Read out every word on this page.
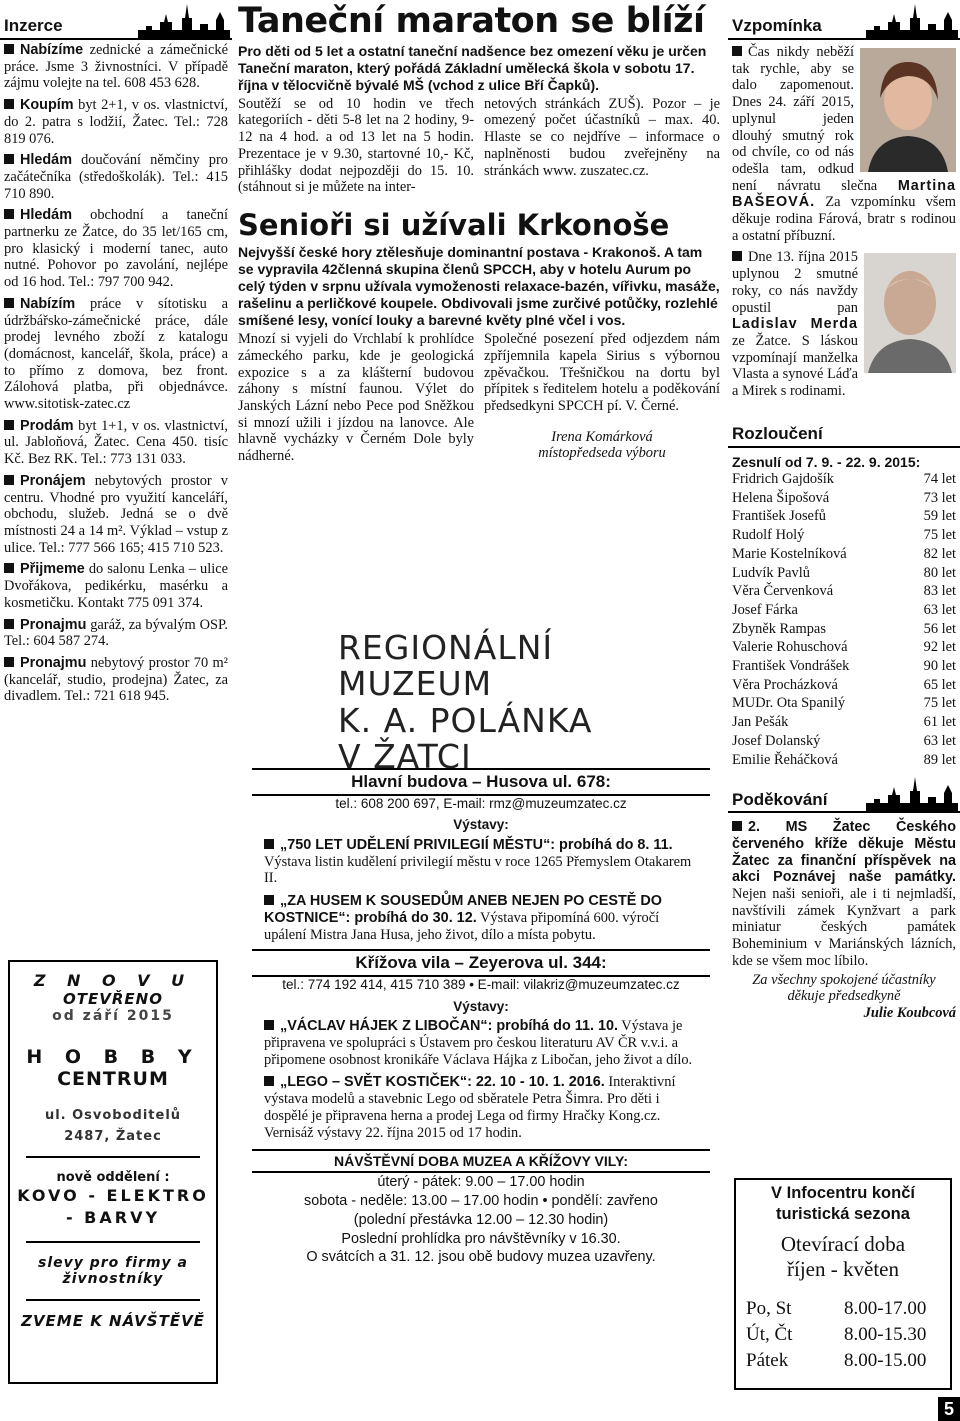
Inzerce
Nabízíme zednické a zámečnické práce. Jsme 3 živnostníci. V případě zájmu volejte na tel. 608 453 628.
Koupím byt 2+1, v os. vlastnictví, do 2. patra s lodžií, Žatec. Tel.: 728 819 076.
Hledám doučování němčiny pro začátečníka (středoškolák). Tel.: 415 710 890.
Hledám obchodní a taneční partnerku ze Žatce, do 35 let/165 cm, pro klasický i moderní tanec, auto nutné. Pohovor po zavolání, nejlépe od 16 hod. Tel.: 797 700 942.
Nabízím práce v sítotisku a údržbářsko-zámečnické práce, dále prodej levného zboží z katalogu (domácnost, kancelář, škola, práce) a to přímo z domova, bez front. Zálohová platba, při objednávce. www.sitotisk-zatec.cz
Prodám byt 1+1, v os. vlastnictví, ul. Jabloňová, Žatec. Cena 450. tisíc Kč. Bez RK. Tel.: 773 131 033.
Pronájem nebytových prostor v centru. Vhodné pro využití kanceláří, obchodu, služeb. Jedná se o dvě místnosti 24 a 14 m². Výklad – vstup z ulice. Tel.: 777 566 165; 415 710 523.
Přijmeme do salonu Lenka – ulice Dvořákova, pedikérku, masérku a kosmetičku. Kontakt 775 091 374.
Pronajmu garáž, za bývalým OSP. Tel.: 604 587 274.
Pronajmu nebytový prostor 70 m² (kancelář, studio, prodejna) Žatec, za divadlem. Tel.: 721 618 945.
Z N O V U
OTEVŘENO
od září 2015
H O B B Y
CENTRUM
ul. Osvoboditelů
2487, Žatec
nově oddělení :
KOVO - ELEKTRO - BARVY
slevy pro firmy a živnostníky
ZVEME K NÁVŠTĚVĚ
Taneční maraton se blíží
Pro děti od 5 let a ostatní taneční nadšence bez omezení věku je určen Taneční maraton, který pořádá Základní umělecká škola v sobotu 17. října v tělocvičně bývalé MŠ (vchod z ulice Bří Čapků).
Soutěží se od 10 hodin ve třech kategoriích - děti 5-8 let na 2 hodiny, 9-12 na 4 hod. a od 13 let na 5 hodin. Prezentace je v 9.30, startovné 10,- Kč, přihlášky dodat nejpozději do 15. 10. (stáhnout si je můžete na inter-
netových stránkách ZUŠ). Pozor – je omezený počet účastníků – max. 40. Hlaste se co nejdříve – informace o naplněnosti budou zveřejněny na stránkách www. zuszatec.cz.
Senioři si užívali Krkonoše
Nejvyšší české hory ztělesňuje dominantní postava - Krakonoš. A tam se vypravila 42členná skupina členů SPCCH, aby v hotelu Aurum po celý týden v srpnu užívala vymoženosti relaxace-bazén, vířivku, masáže, rašelinu a perličkové koupele. Obdivovali jsme zurčivé potůčky, rozlehlé smíšené lesy, vonící louky a barevné květy plné včel i vos.
Mnozí si vyjeli do Vrchlabí k prohlídce zámeckého parku, kde je geologická expozice s a za klášterní budovou záhony s místní faunou. Výlet do Janských Lázní nebo Pece pod Sněžkou si mnozí užili i jízdou na lanovce. Ale hlavně vycházky v Černém Dole byly nádherné.
Společné posezení před odjezdem nám zpříjemnila kapela Sirius s výbornou zpěvačkou. Třešničkou na dortu byl přípitek s ředitelem hotelu a poděkování předsedkyni SPCCH pí. V. Černé.
Irena Komárková
místopředseda výboru
REGIONÁLNÍ MUZEUM
K. A. POLÁNKA
V ŽATCI
Hlavní budova – Husova ul. 678:
tel.: 608 200 697, E-mail: rmz@muzeumzatec.cz
Výstavy:
„750 LET UDĚLENÍ PRIVILEGIÍ MĚSTU“: probíhá do 8. 11. Výstava listin kudělení privilegií městu v roce 1265 Přemyslem Otakarem II.
„ZA HUSEM K SOUSEDŮM ANEB NEJEN PO CESTĚ DO KOSTNICE“: probíhá do 30. 12. Výstava připomíná 600. výročí upálení Mistra Jana Husa, jeho život, dílo a místa pobytu.
Křížova vila – Zeyerova ul. 344:
tel.: 774 192 414, 415 710 389 • E-mail: vilakriz@muzeumzatec.cz
Výstavy:
„VÁCLAV HÁJEK Z LIBOČAN“: probíhá do 11. 10. Výstava je připravena ve spolupráci s Ústavem pro českou literaturu AV ČR v.v.i. a připomene osobnost kronikáře Václava Hájka z Libočan, jeho život a dílo.
„LEGO – SVĚT KOSTIČEK“: 22. 10 - 10. 1. 2016. Interaktivní výstava modelů a stavebnic Lego od sběratele Petra Šimra. Pro děti i dospělé je připravena herna a prodej Lega od firmy Hračky Kong.cz. Vernisáž výstavy 22. října 2015 od 17 hodin.
NÁVŠTĚVNÍ DOBA MUZEA A KŘÍŽOVY VILY:
úterý - pátek: 9.00 – 17.00 hodin
sobota - neděle: 13.00 – 17.00 hodin • pondělí: zavřeno
(polední přestávka 12.00 – 12.30 hodin)
Poslední prohlídka pro návštěvníky v 16.30.
O svátcích a 31. 12. jsou obě budovy muzea uzavřeny.
Vzpomínka
Čas nikdy neběží tak rychle, aby se dalo zapomenout. Dnes 24. září 2015, uplynul jeden dlouhý smutný rok od chvíle, co od nás odešla tam, odkud není návratu slečna Martina BAŠEOVÁ. Za vzpomínku všem děkuje rodina Fárová, bratr s rodinou a ostatní příbuzní.
Dne 13. října 2015 uplynou 2 smutné roky, co nás navždy opustil pan Ladislav Merda ze Žatce. S láskou vzpomínají manželka Vlasta a synové Láďa a Mirek s rodinami.
Rozloučení
Zesnulí od 7. 9. - 22. 9. 2015:
Fridrich Gajdošík	74 let
Helena Šipošová	73 let
František Josefů	59 let
Rudolf Holý	75 let
Marie Kostelníková	82 let
Ludvík Pavlů	80 let
Věra Červenková	83 let
Josef Fárka	63 let
Zbyněk Rampas	56 let
Valerie Rohuschová	92 let
František Vondrášek	90 let
Věra Procházková	65 let
MUDr. Ota Spanilý	75 let
Jan Pešák	61 let
Josef Dolanský	63 let
Emilie Řeháčková	89 let
Poděkování
2. MS Žatec Českého červeného kříže děkuje Městu Žatec za finanční příspěvek na akci Poznávej naše památky. Nejen naši senioři, ale i ti nejmladší, navštívili zámek Kynžvart a park miniatur českých památek Boheminium v Mariánských lázních, kde se všem moc líbilo.
Za všechny spokojené účastníky děkuje předsedkyně
Julie Koubcová
V Infocentru končí
turistická sezona
Otevírací doba
říjen - květen
Po, St	8.00-17.00
Út, Čt	8.00-15.30
Pátek	8.00-15.00
5
